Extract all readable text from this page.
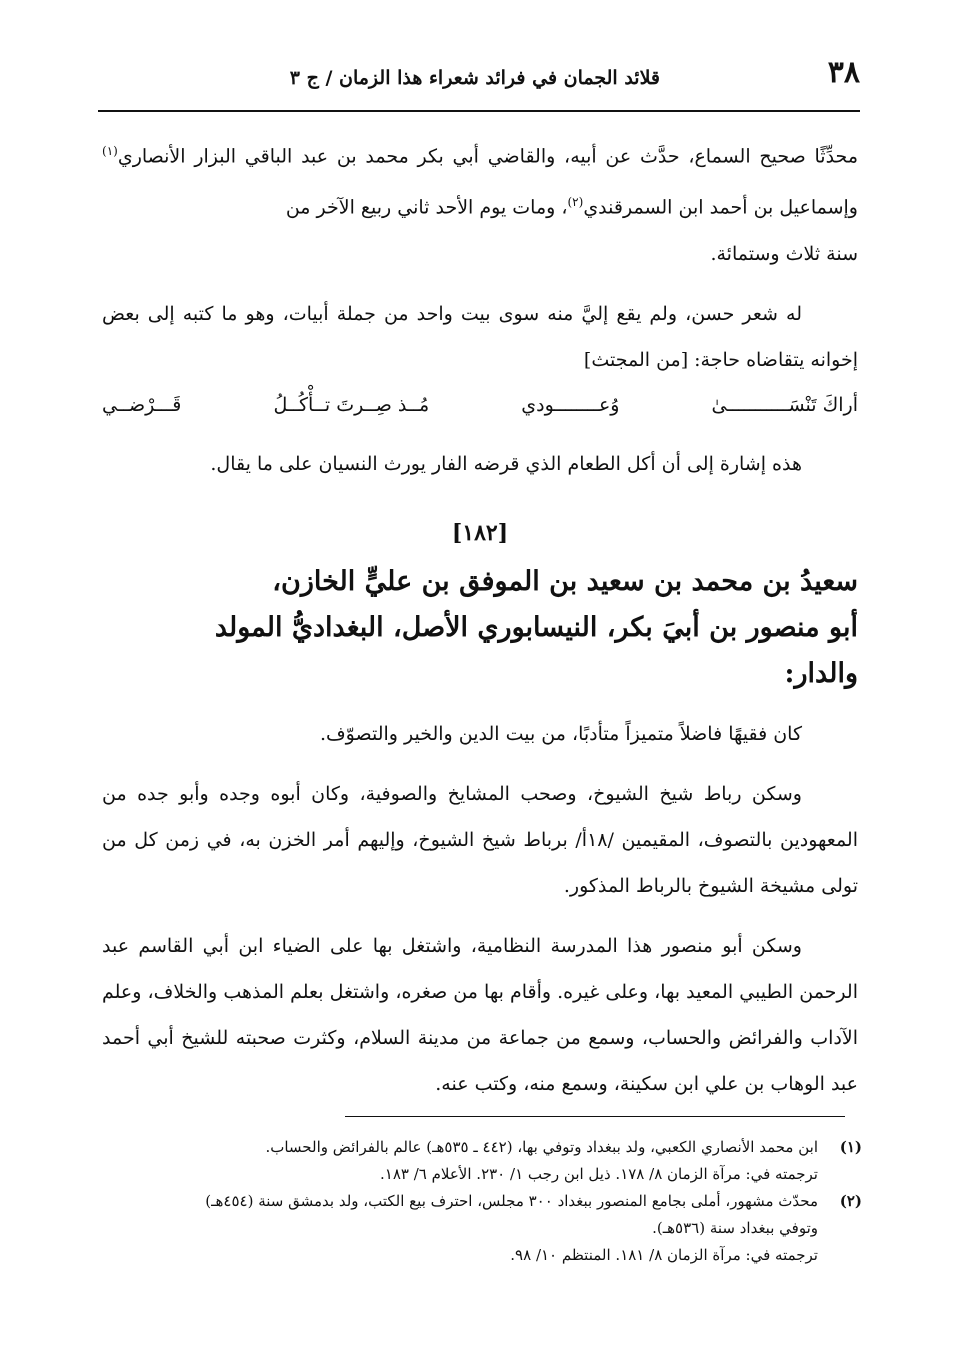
٣٨
قلائد الجمان في فرائد شعراء هذا الزمان / ج ٣

محدِّثًا صحيح السماع، حدَّث عن أبيه، والقاضي أبي بكر محمد بن عبد الباقي البزار الأنصاري$^{(١)}$ وإسماعيل بن أحمد ابن السمرقندي$^{(٢)}$، ومات يوم الأحد ثاني ربيع الآخر من
سنة ثلاث وستمائة.

له شعر حسن، ولم يقع إليَّ منه سوى بيت واحد من جملة أبيات، وهو ما كتبه إلى بعض إخوانه يتقاضاه حاجة: [من المجتث]

أراكَ تَنْسَـــــــــــىٰ
وُعــــــــودي
مُــذ صِــرتَ تــأْكُــلُ
قَـــرْضــي

هذه إشارة إلى أن أكل الطعام الذي قرضه الفار يورث النسيان على ما يقال.

[١٨٢]
سعيدُ بن محمد بن سعيد بن الموفق بن عليٍّ الخازن،
أبو منصور بن أبيَ بكر، النيسابوري الأصل، البغداديُّ المولد
والدار:

كان فقيهًا فاضلاً متميزاً متأدبًا، من بيت الدين والخير والتصوّف.

وسكن رباط شيخ الشيوخ، وصحب المشايخ والصوفية، وكان أبوه وجده وأبو جده من المعهودين بالتصوف، المقيمين /١٨أ/ برباط شيخ الشيوخ، وإليهم أمر الخزن به، في زمن كل من تولى مشيخة الشيوخ بالرباط المذكور.

وسكن أبو منصور هذا المدرسة النظامية، واشتغل بها على الضياء ابن أبي القاسم عبد الرحمن الطيبي المعيد بها، وعلى غيره. وأقام بها من صغره، واشتغل بعلم المذهب والخلاف، وعلم الآداب والفرائض والحساب، وسمع من جماعة من مدينة السلام، وكثرت صحبته للشيخ أبي أحمد عبد الوهاب بن علي ابن سكينة، وسمع منه، وكتب عنه.

(١)
ابن محمد الأنصاري الكعبي، ولد ببغداد وتوفي بها، (٤٤٢ ـ ٥٣٥هـ) عالم بالفرائض والحساب.
ترجمته في: مرآة الزمان ٨/ ١٧٨. ذيل ابن رجب ١/ ٢٣٠. الأعلام ٦/ ١٨٣.
(٢)
محدّث مشهور، أملى بجامع المنصور ببغداد ٣٠٠ مجلس، احترف بيع الكتب، ولد بدمشق سنة (٤٥٤هـ)
وتوفي ببغداد سنة (٥٣٦هـ).
ترجمته في: مرآة الزمان ٨/ ١٨١. المنتظم ١٠/ ٩٨.
